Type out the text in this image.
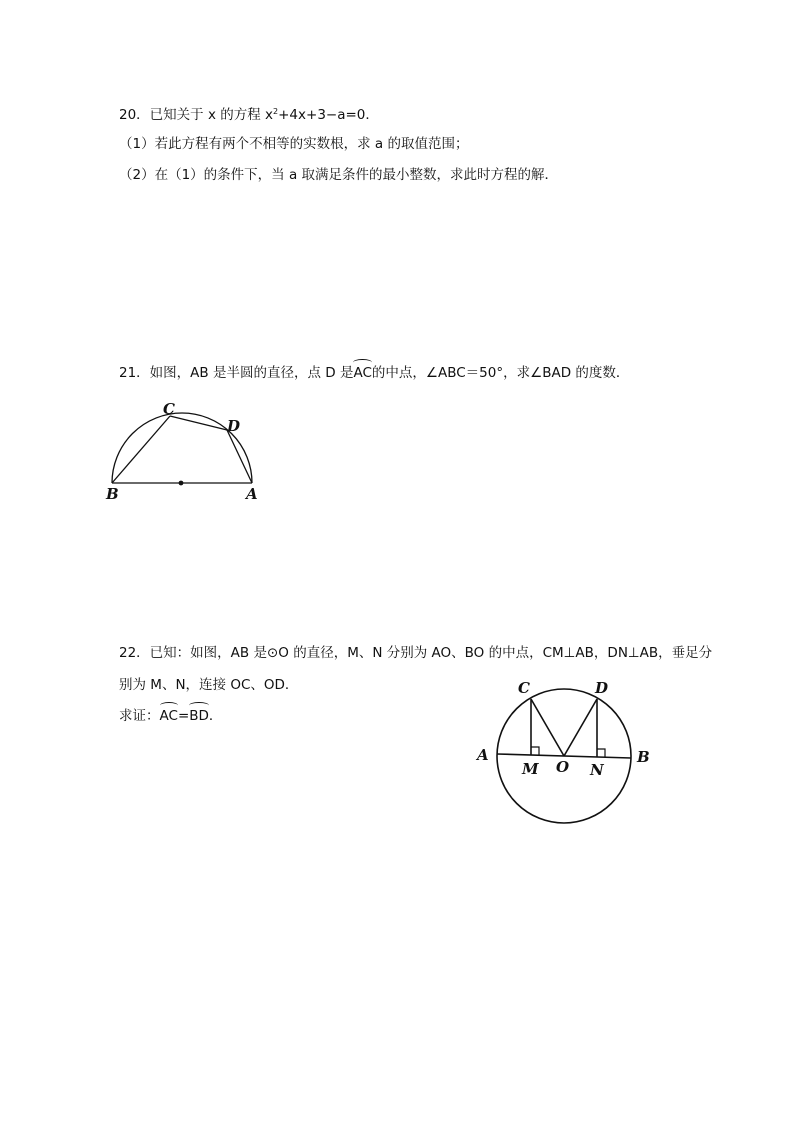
20．已知关于 x 的方程 $x^2+4x+3-a=0$．
（1）若此方程有两个不相等的实数根，求 a 的取值范围；
（2）在（1）的条件下，当 a 取满足条件的最小整数，求此时方程的解．
21．如图，AB 是半圆的直径，点 D 是AC的中点，∠ABC＝50°，求∠BAD 的度数．
B	A
C
D
22．已知：如图，AB 是⊙O 的直径，M、N 分别为 AO、BO 的中点，CM⊥AB，DN⊥AB，垂足分
别为 M、N，连接 OC、OD．
求证：AC=BD．
A	B
C	D
M O N
